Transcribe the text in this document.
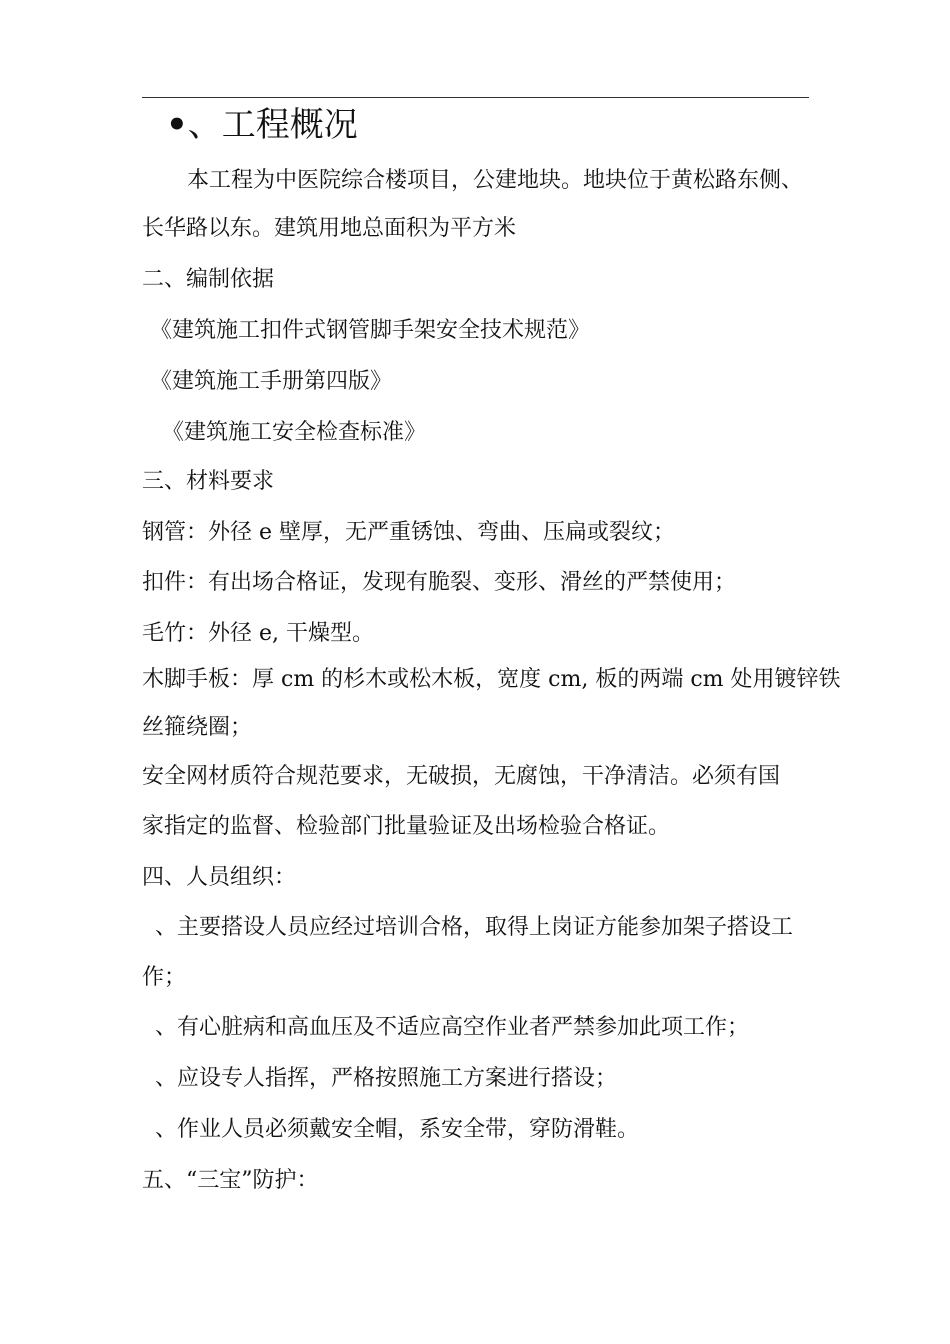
•、工程概况
本工程为中医院综合楼项目，公建地块。地块位于黄松路东侧、
长华路以东。建筑用地总面积为平方米
二、编制依据
《建筑施工扣件式钢管脚手架安全技术规范》
《建筑施工手册第四版》
《建筑施工安全检查标准》
三、材料要求
钢管：外径 e 壁厚，无严重锈蚀、弯曲、压扁或裂纹；
扣件：有出场合格证，发现有脆裂、变形、滑丝的严禁使用；
毛竹：外径 e, 干燥型。
木脚手板：厚 cm 的杉木或松木板，宽度 cm, 板的两端 cm 处用镀锌铁
丝箍绕圈；
安全网材质符合规范要求，无破损，无腐蚀，干净清洁。必须有国
家指定的监督、检验部门批量验证及出场检验合格证。
四、人员组织：
、主要搭设人员应经过培训合格，取得上岗证方能参加架子搭设工
作；
、有心脏病和高血压及不适应高空作业者严禁参加此项工作；
、应设专人指挥，严格按照施工方案进行搭设；
、作业人员必须戴安全帽，系安全带，穿防滑鞋。
五、“三宝”防护：
